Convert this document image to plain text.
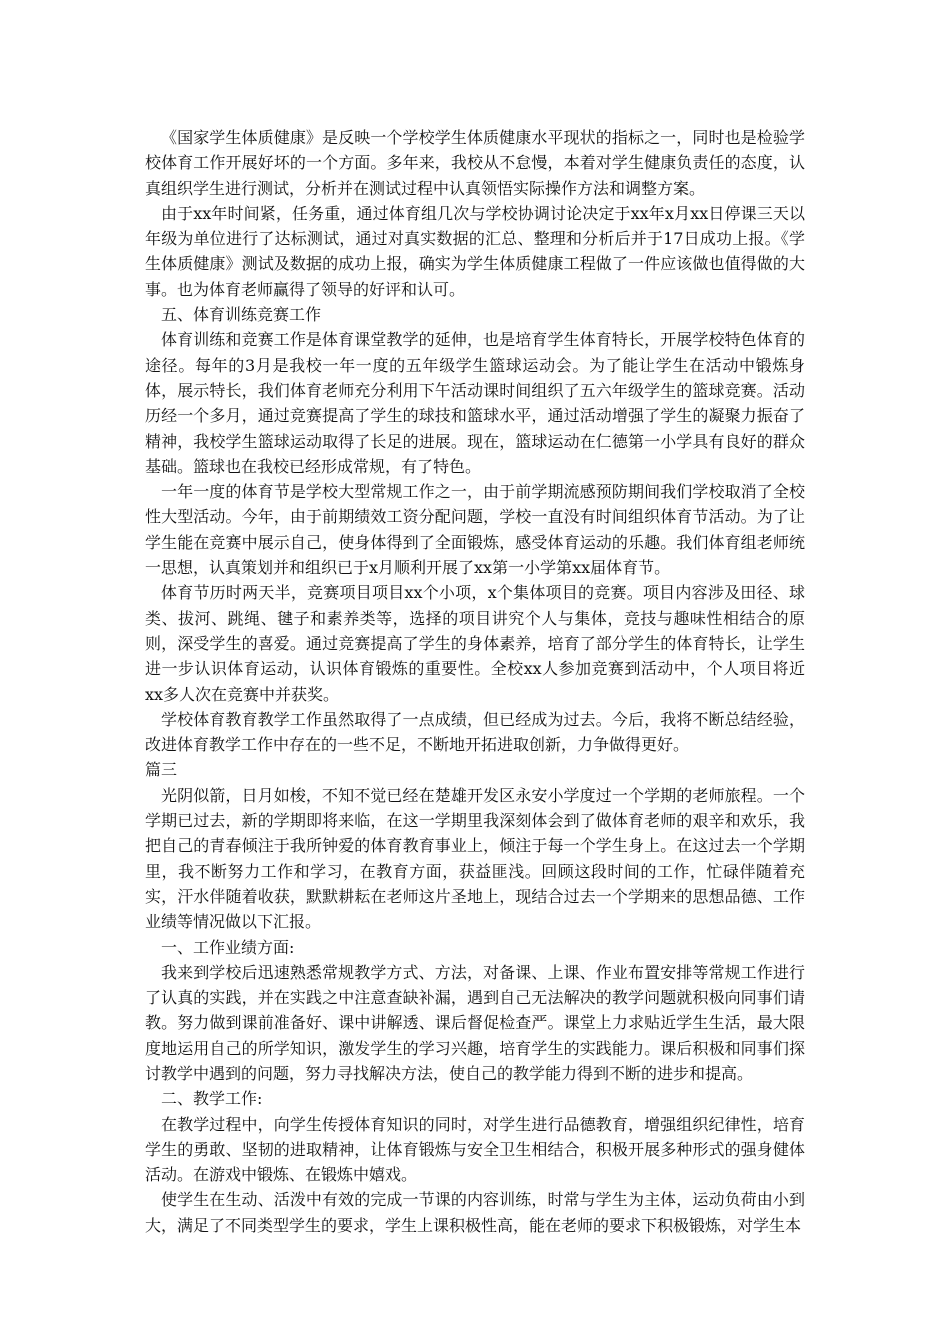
《国家学生体质健康》是反映一个学校学生体质健康水平现状的指标之一，同时也是检验学校体育工作开展好坏的一个方面。多年来，我校从不怠慢，本着对学生健康负责任的态度，认真组织学生进行测试，分析并在测试过程中认真领悟实际操作方法和调整方案。

由于xx年时间紧，任务重，通过体育组几次与学校协调讨论决定于xx年x月xx日停课三天以年级为单位进行了达标测试，通过对真实数据的汇总、整理和分析后并于17日成功上报。《学生体质健康》测试及数据的成功上报，确实为学生体质健康工程做了一件应该做也值得做的大事。也为体育老师赢得了领导的好评和认可。

五、体育训练竞赛工作

体育训练和竞赛工作是体育课堂教学的延伸，也是培育学生体育特长，开展学校特色体育的途径。每年的3月是我校一年一度的五年级学生篮球运动会。为了能让学生在活动中锻炼身体，展示特长，我们体育老师充分利用下午活动课时间组织了五六年级学生的篮球竞赛。活动历经一个多月，通过竞赛提高了学生的球技和篮球水平，通过活动增强了学生的凝聚力振奋了精神，我校学生篮球运动取得了长足的进展。现在，篮球运动在仁德第一小学具有良好的群众基础。篮球也在我校已经形成常规，有了特色。

一年一度的体育节是学校大型常规工作之一，由于前学期流感预防期间我们学校取消了全校性大型活动。今年，由于前期绩效工资分配问题，学校一直没有时间组织体育节活动。为了让学生能在竞赛中展示自己，使身体得到了全面锻炼，感受体育运动的乐趣。我们体育组老师统一思想，认真策划并和组织已于x月顺利开展了xx第一小学第xx届体育节。

体育节历时两天半，竞赛项目项目xx个小项，x个集体项目的竞赛。项目内容涉及田径、球类、拔河、跳绳、毽子和素养类等，选择的项目讲究个人与集体，竞技与趣味性相结合的原则，深受学生的喜爱。通过竞赛提高了学生的身体素养，培育了部分学生的体育特长，让学生进一步认识体育运动，认识体育锻炼的重要性。全校xx人参加竞赛到活动中，个人项目将近xx多人次在竞赛中并获奖。

学校体育教育教学工作虽然取得了一点成绩，但已经成为过去。今后，我将不断总结经验，改进体育教学工作中存在的一些不足，不断地开拓进取创新，力争做得更好。

篇三

光阴似箭，日月如梭，不知不觉已经在楚雄开发区永安小学度过一个学期的老师旅程。一个学期已过去，新的学期即将来临，在这一学期里我深刻体会到了做体育老师的艰辛和欢乐，我把自己的青春倾注于我所钟爱的体育教育事业上，倾注于每一个学生身上。在这过去一个学期里，我不断努力工作和学习，在教育方面，获益匪浅。回顾这段时间的工作，忙碌伴随着充实，汗水伴随着收获，默默耕耘在老师这片圣地上，现结合过去一个学期来的思想品德、工作业绩等情况做以下汇报。

一、工作业绩方面:

我来到学校后迅速熟悉常规教学方式、方法，对备课、上课、作业布置安排等常规工作进行了认真的实践，并在实践之中注意查缺补漏，遇到自己无法解决的教学问题就积极向同事们请教。努力做到课前准备好、课中讲解透、课后督促检查严。课堂上力求贴近学生生活，最大限度地运用自己的所学知识，激发学生的学习兴趣，培育学生的实践能力。课后积极和同事们探讨教学中遇到的问题，努力寻找解决方法，使自己的教学能力得到不断的进步和提高。

二、教学工作:

在教学过程中，向学生传授体育知识的同时，对学生进行品德教育，增强组织纪律性，培育学生的勇敢、坚韧的进取精神，让体育锻炼与安全卫生相结合，积极开展多种形式的强身健体活动。在游戏中锻炼、在锻炼中嬉戏。

使学生在生动、活泼中有效的完成一节课的内容训练，时常与学生为主体，运动负荷由小到大，满足了不同类型学生的要求，学生上课积极性高，能在老师的要求下积极锻炼，对学生本
